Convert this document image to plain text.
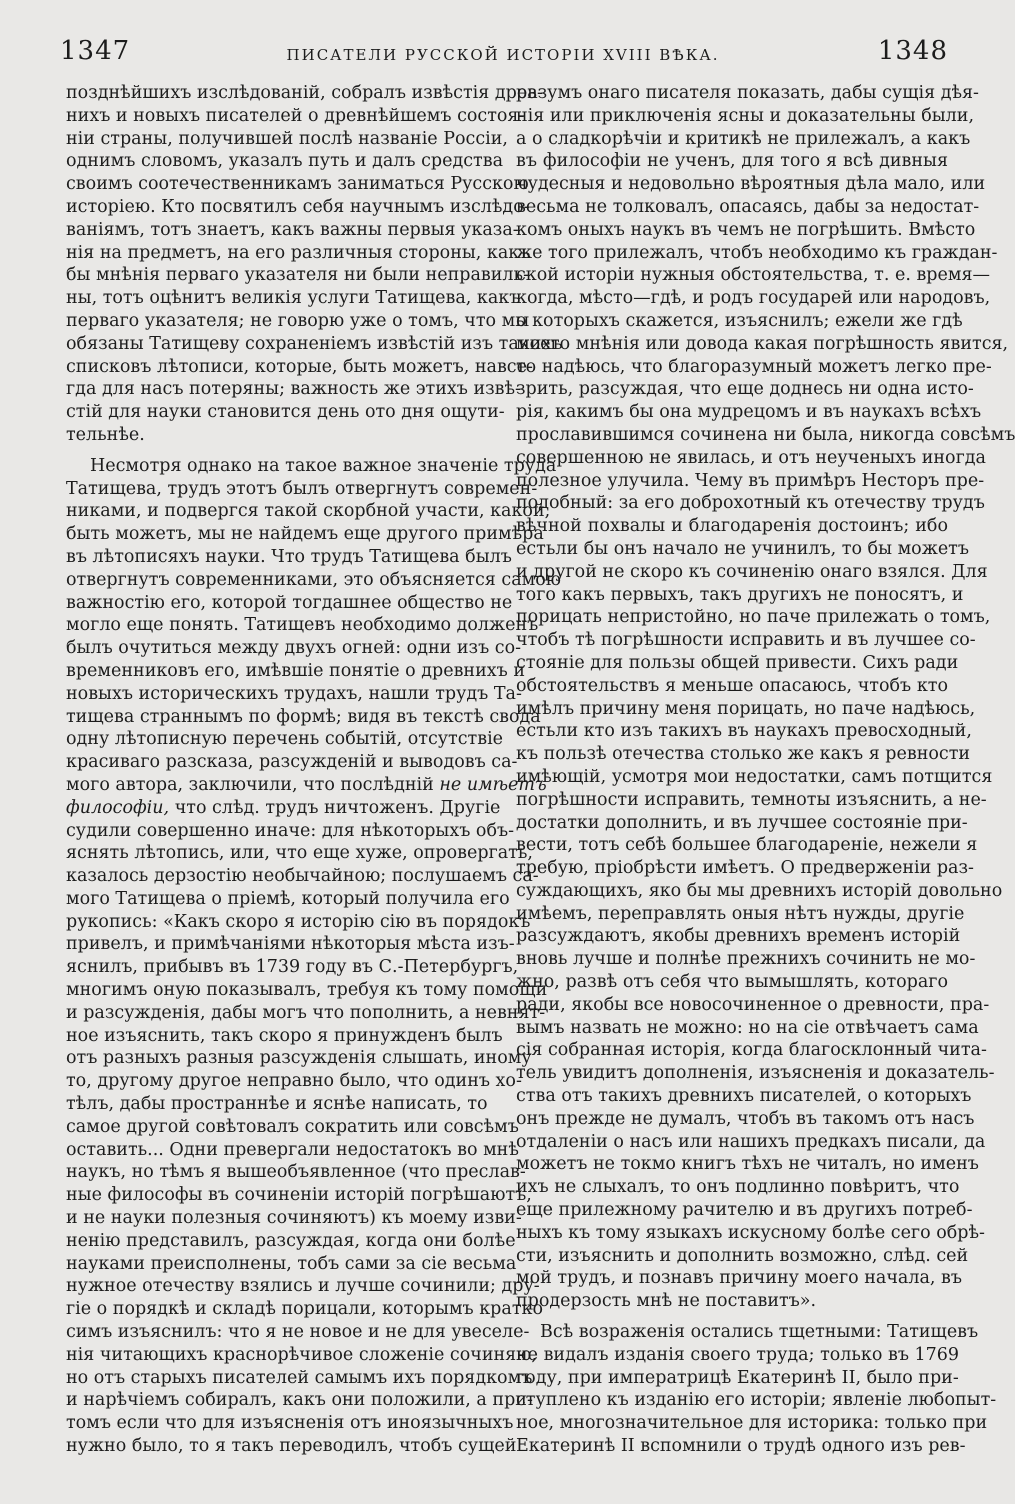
1347	ПИСАТЕЛИ РУССКОЙ ИСТОРІИ XVIII ВѢКА.	1348
позднѣйшихъ изслѣдованій, собралъ извѣстія древ-
нихъ и новыхъ писателей о древнѣйшемъ состоя-
ніи страны, получившей послѣ названіе Россіи,
однимъ словомъ, указалъ путь и далъ средства
своимъ соотечественникамъ заниматься Русскою
исторіею. Кто посвятилъ себя научнымъ изслѣдо-
ваніямъ, тотъ знаетъ, какъ важны первыя указа-
нія на предметъ, на его различныя стороны, какъ
бы мнѣнія перваго указателя ни были неправиль-
ны, тотъ оцѣнитъ великія услуги Татищева, какъ
перваго указателя; не говорю уже о томъ, что мы
обязаны Татищеву сохраненіемъ извѣстій изъ такихъ
списковъ лѣтописи, которые, быть можетъ, навсе-
гда для насъ потеряны; важность же этихъ извѣ-
стій для науки становится день ото дня ощути-
тельнѣе.
Несмотря однако на такое важное значеніе труда
Татищева, трудъ этотъ былъ отвергнутъ современ-
никами, и подвергся такой скорбной участи, какой,
быть можетъ, мы не найдемъ еще другого примѣра
въ лѣтописяхъ науки. Что трудъ Татищева былъ
отвергнутъ современниками, это объясняется самою
важностію его, которой тогдашнее общество не
могло еще понять. Татищевъ необходимо долженъ
былъ очутиться между двухъ огней: одни изъ со-
временниковъ его, имѣвшіе понятіе о древнихъ и
новыхъ историческихъ трудахъ, нашли трудъ Та-
тищева страннымъ по формѣ; видя въ текстѣ свода
одну лѣтописную перечень событій, отсутствіе
красиваго разсказа, разсужденій и выводовъ са-
мого автора, заключили, что послѣдній не имѣетъ
философіи, что слѣд. трудъ ничтоженъ. Другіе
судили совершенно иначе: для нѣкоторыхъ объ-
яснять лѣтопись, или, что еще хуже, опровергать,
казалось дерзостію необычайною; послушаемъ са-
мого Татищева о пріемѣ, который получила его
рукопись: «Какъ скоро я исторію сію въ порядокъ
привелъ, и примѣчаніями нѣкоторыя мѣста изъ-
яснилъ, прибывъ въ 1739 году въ С.-Петербургъ,
многимъ оную показывалъ, требуя къ тому помощи
и разсужденія, дабы могъ что пополнить, а невнят-
ное изъяснить, такъ скоро я принужденъ былъ
отъ разныхъ разныя разсужденія слышать, иному
то, другому другое неправно было, что одинъ хо-
тѣлъ, дабы пространнѣе и яснѣе написать, то
самое другой совѣтовалъ сократить или совсѣмъ
оставить... Одни превергали недостатокъ во мнѣ
наукъ, но тѣмъ я вышеобъявленное (что преслав-
ные философы въ сочиненіи исторій погрѣшаютъ,
и не науки полезныя сочиняютъ) къ моему изви-
ненію представилъ, разсуждая, когда они болѣе
науками преисполнены, тобъ сами за сіе весьма
нужное отечеству взялись и лучше сочинили; дру-
гіе о порядкѣ и складѣ порицали, которымъ кратко
симъ изъяснилъ: что я не новое и не для увеселе-
нія читающихъ краснорѣчивое сложеніе сочиняю,
но отъ старыхъ писателей самымъ ихъ порядкомъ
и нарѣчіемъ собиралъ, какъ они положили, а при-
томъ если что для изъясненія отъ иноязычныхъ
нужно было, то я такъ переводилъ, чтобъ сущей
разумъ онаго писателя показать, дабы сущія дѣя-
нія или приключенія ясны и доказательны были,
а о сладкорѣчіи и критикѣ не прилежалъ, а какъ
въ философіи не ученъ, для того я всѣ дивныя
чудесныя и недовольно вѣроятныя дѣла мало, или
весьма не толковалъ, опасаясь, дабы за недостат-
комъ оныхъ наукъ въ чемъ не погрѣшить. Вмѣсто
же того прилежалъ, чтобъ необходимо къ граждан-
ской исторіи нужныя обстоятельства, т. е. время—
когда, мѣсто—гдѣ, и родъ государей или народовъ,
о которыхъ скажется, изъяснилъ; ежели же гдѣ
моего мнѣнія или довода какая погрѣшность явится,
то надѣюсь, что благоразумный можетъ легко пре-
зрить, разсуждая, что еще доднесь ни одна исто-
рія, какимъ бы она мудрецомъ и въ наукахъ всѣхъ
прославившимся сочинена ни была, никогда совсѣмъ
совершенною не явилась, и отъ неученыхъ иногда
полезное улучила. Чему въ примѣръ Несторъ пре-
подобный: за его доброхотный къ отечеству трудъ
вѣчной похвалы и благодаренія достоинъ; ибо
естьли бы онъ начало не учинилъ, то бы можетъ
и другой не скоро къ сочиненію онаго взялся. Для
того какъ первыхъ, такъ другихъ не поносятъ, и
порицать непристойно, но паче прилежать о томъ,
чтобъ тѣ погрѣшности исправить и въ лучшее со-
стояніе для пользы общей привести. Сихъ ради
обстоятельствъ я меньше опасаюсь, чтобъ кто
имѣлъ причину меня порицать, но паче надѣюсь,
естьли кто изъ такихъ въ наукахъ превосходный,
къ пользѣ отечества столько же какъ я ревности
имѣющій, усмотря мои недостатки, самъ потщится
погрѣшности исправить, темноты изъяснить, а не-
достатки дополнить, и въ лучшее состояніе при-
вести, тотъ себѣ большее благодареніе, нежели я
требую, пріобрѣсти имѣетъ. О предверженіи раз-
суждающихъ, яко бы мы древнихъ исторій довольно
имѣемъ, переправлять оныя нѣтъ нужды, другіе
разсуждаютъ, якобы древнихъ временъ исторій
вновь лучше и полнѣе прежнихъ сочинить не мо-
жно, развѣ отъ себя что вымышлять, котораго
ради, якобы все новосочиненное о древности, пра-
вымъ назвать не можно: но на сіе отвѣчаетъ сама
сія собранная исторія, когда благосклонный чита-
тель увидитъ дополненія, изъясненія и доказатель-
ства отъ такихъ древнихъ писателей, о которыхъ
онъ прежде не думалъ, чтобъ въ такомъ отъ насъ
отдаленіи о насъ или нашихъ предкахъ писали, да
можетъ не токмо книгъ тѣхъ не читалъ, но именъ
ихъ не слыхалъ, то онъ подлинно повѣритъ, что
еще прилежному рачителю и въ другихъ потреб-
ныхъ къ тому языкахъ искусному болѣе сего обрѣ-
сти, изъяснить и дополнить возможно, слѣд. сей
мой трудъ, и познавъ причину моего начала, въ
продерзость мнѣ не поставитъ».
Всѣ возраженія остались тщетными: Татищевъ
не видалъ изданія своего труда; только въ 1769
году, при императрицѣ Екатеринѣ II, было при-
ступлено къ изданію его исторіи; явленіе любопыт-
ное, многозначительное для историка: только при
Екатеринѣ II вспомнили о трудѣ одного изъ рев-
